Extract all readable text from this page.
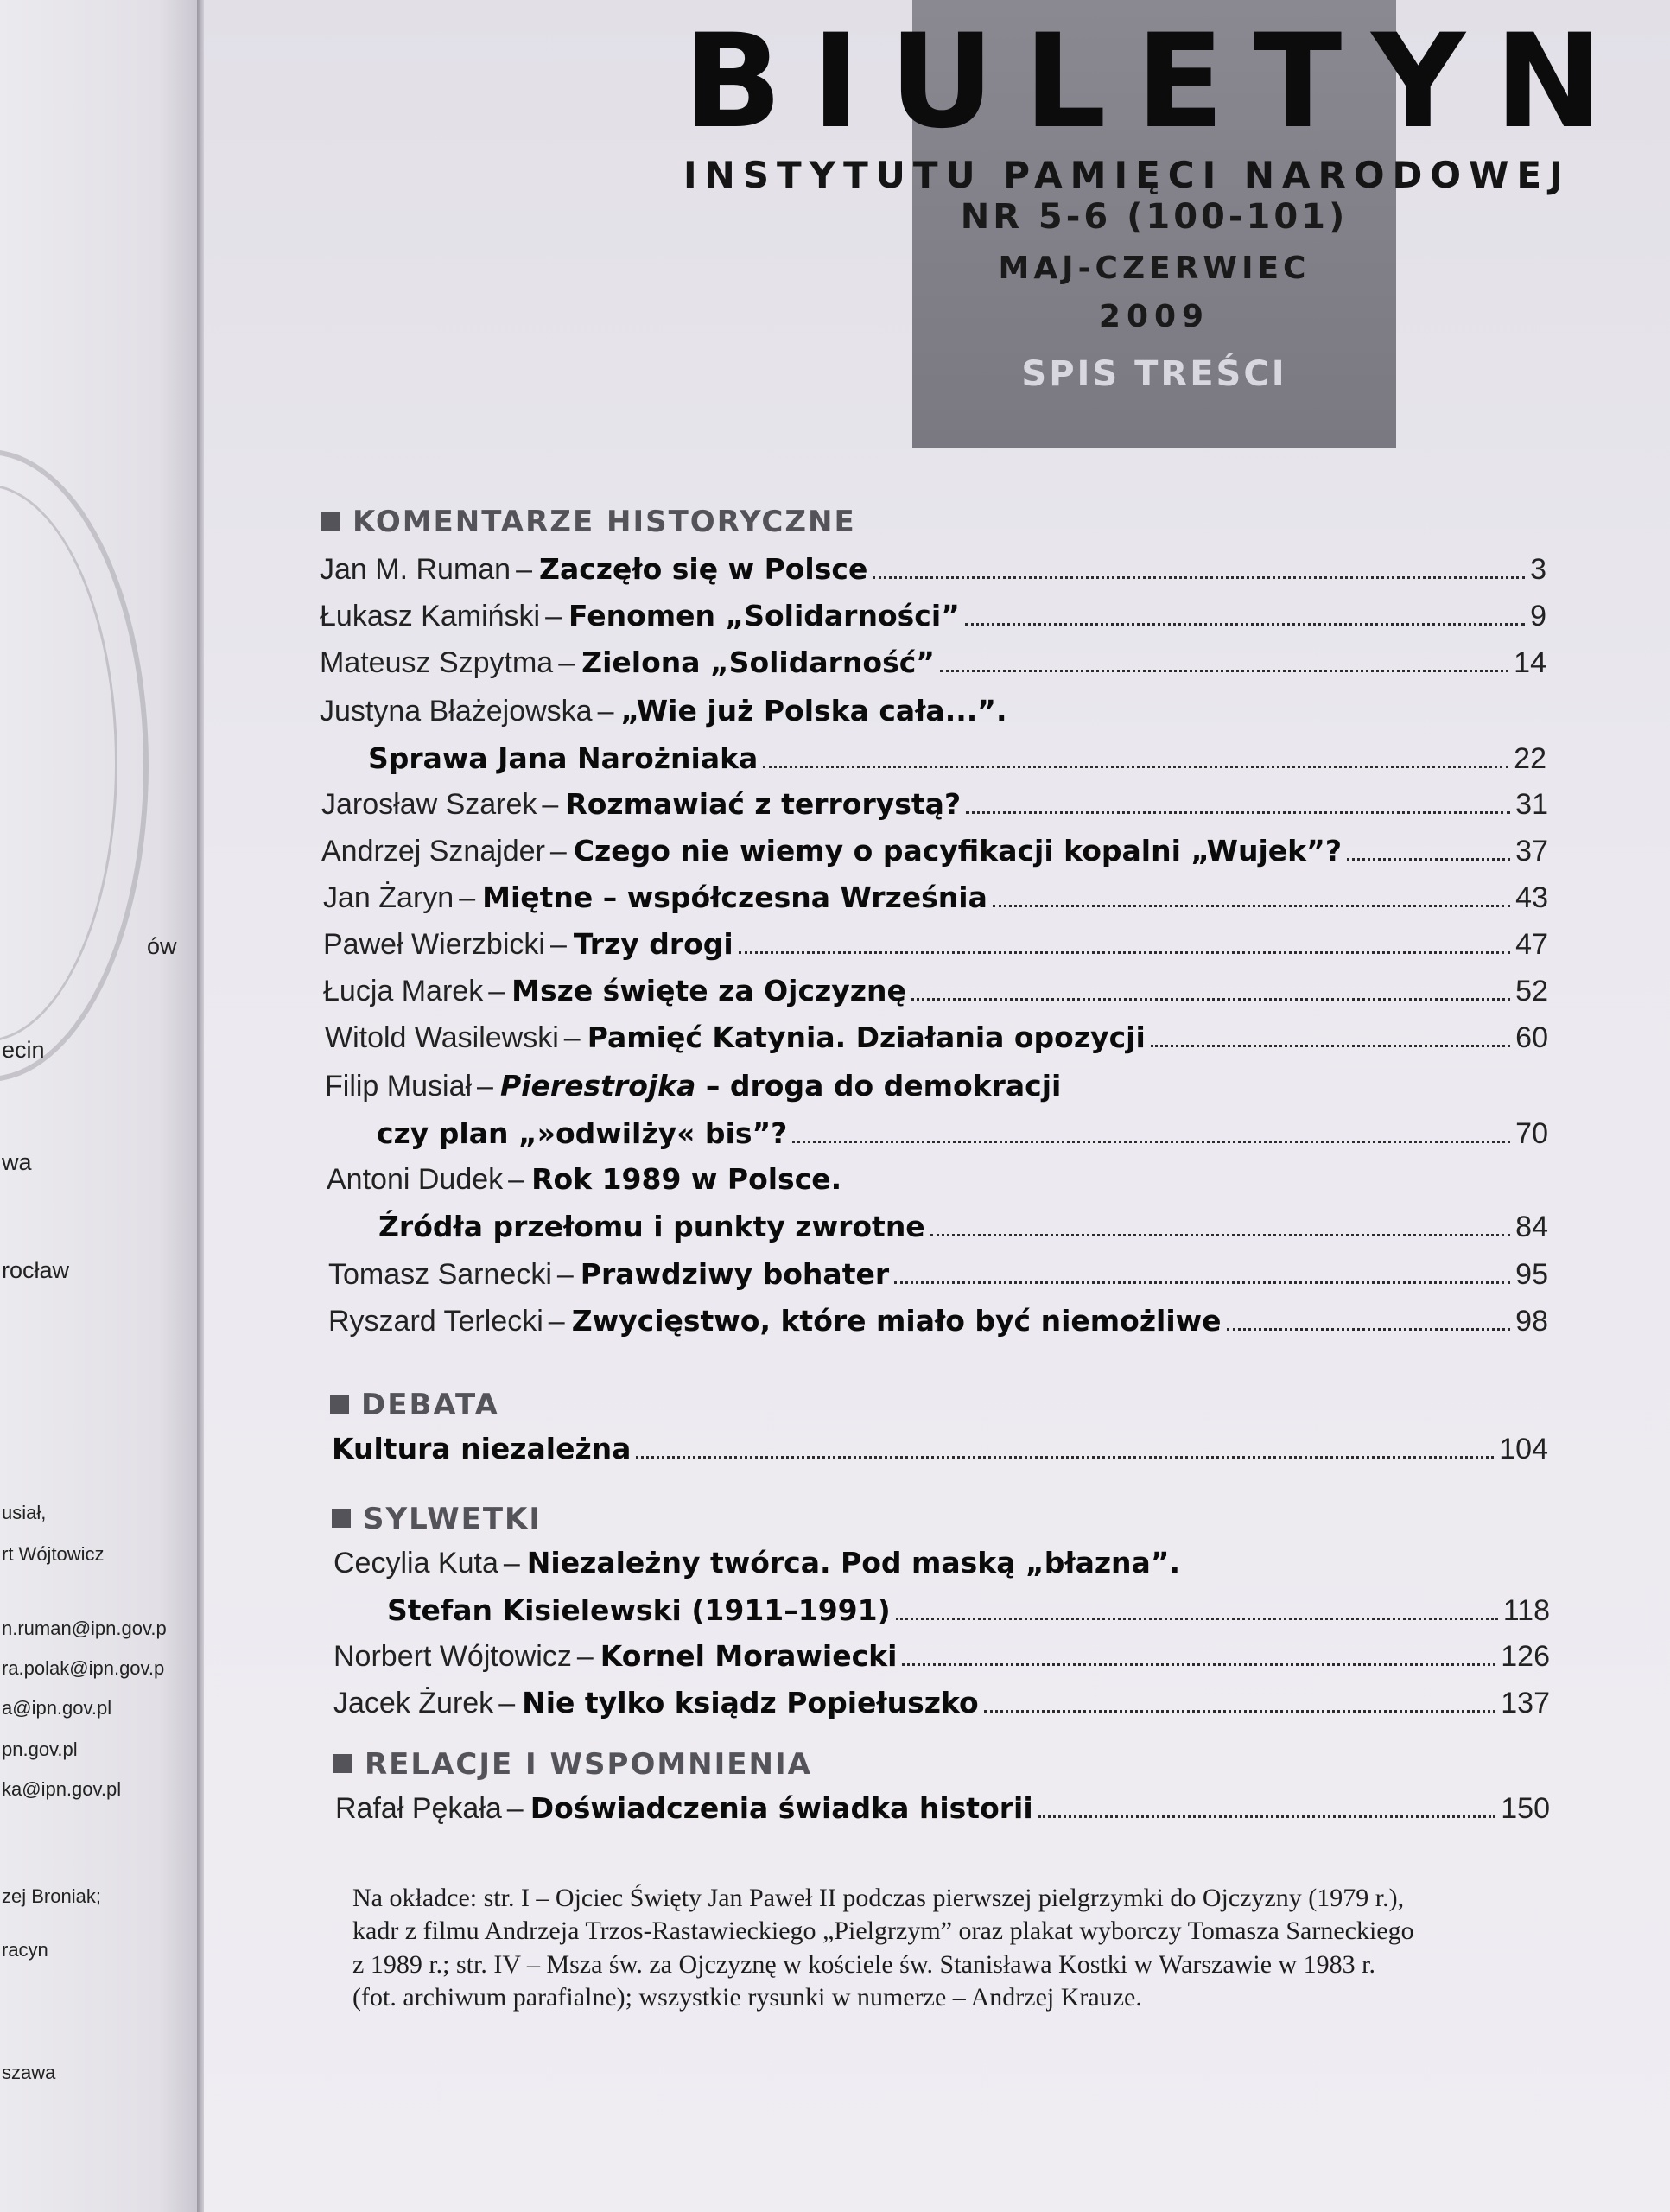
ów
ecin
wa
rocław
usiał,
rt Wójtowicz
n.ruman@ipn.gov.p
ra.polak@ipn.gov.p
a@ipn.gov.pl
pn.gov.pl
ka@ipn.gov.pl
zej Broniak;
racyn
szawa
BIULETYN
INSTYTUTU PAMIĘCI NARODOWEJ
NR 5-6 (100-101)
MAJ-CZERWIEC
2009
SPIS TREŚCI
KOMENTARZE HISTORYCZNE
Jan M. Ruman – Zaczęło się w Polsce	3
Łukasz Kamiński – Fenomen „Solidarności”	9
Mateusz Szpytma – Zielona „Solidarność”	14
Justyna Błażejowska – „Wie już Polska cała...”.
Sprawa Jana Narożniaka	22
Jarosław Szarek – Rozmawiać z terrorystą?	31
Andrzej Sznajder – Czego nie wiemy o pacyfikacji kopalni „Wujek”?	37
Jan Żaryn – Miętne – współczesna Września	43
Paweł Wierzbicki – Trzy drogi	47
Łucja Marek – Msze święte za Ojczyznę	52
Witold Wasilewski – Pamięć Katynia. Działania opozycji	60
Filip Musiał – Pierestrojka – droga do demokracji
czy plan „»odwilży« bis”?	70
Antoni Dudek – Rok 1989 w Polsce.
Źródła przełomu i punkty zwrotne	84
Tomasz Sarnecki – Prawdziwy bohater	95
Ryszard Terlecki – Zwycięstwo, które miało być niemożliwe	98
DEBATA
Kultura niezależna	104
SYLWETKI
Cecylia Kuta – Niezależny twórca. Pod maską „błazna”.
Stefan Kisielewski (1911–1991)	118
Norbert Wójtowicz – Kornel Morawiecki	126
Jacek Żurek – Nie tylko ksiądz Popiełuszko	137
RELACJE I WSPOMNIENIA
Rafał Pękała – Doświadczenia świadka historii	150
Na okładce: str. I – Ojciec Święty Jan Paweł II podczas pierwszej pielgrzymki do Ojczyzny (1979 r.),
kadr z filmu Andrzeja Trzos-Rastawieckiego „Pielgrzym” oraz plakat wyborczy Tomasza Sarneckiego
z 1989 r.; str. IV – Msza św. za Ojczyznę w kościele św. Stanisława Kostki w Warszawie w 1983 r.
(fot. archiwum parafialne); wszystkie rysunki w numerze – Andrzej Krauze.
